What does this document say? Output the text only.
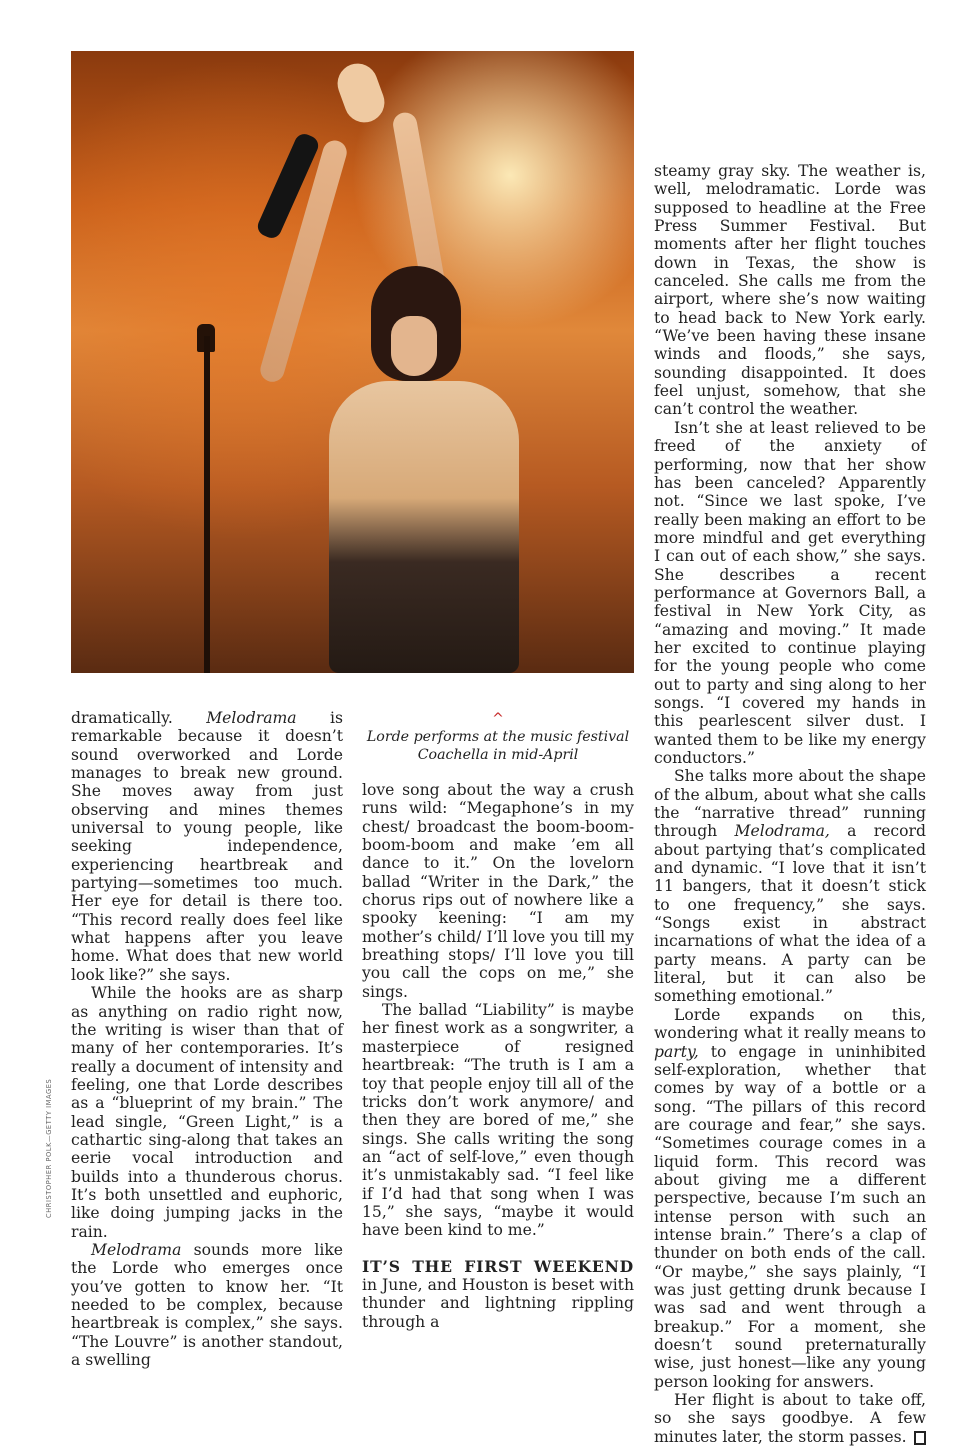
^
Lorde performs at the music festival Coachella in mid-April
CHRISTOPHER POLK—GETTY IMAGES

dramatically. Melodrama is remarkable because it doesn’t sound overworked and Lorde manages to break new ground. She moves away from just observing and mines themes universal to young people, like seeking independence, experiencing heartbreak and partying—sometimes too much. Her eye for detail is there too. “This record really does feel like what happens after you leave home. What does that new world look like?” she says.

While the hooks are as sharp as anything on radio right now, the writing is wiser than that of many of her contemporaries. It’s really a document of intensity and feeling, one that Lorde describes as a “blueprint of my brain.” The lead single, “Green Light,” is a cathartic sing-along that takes an eerie vocal introduction and builds into a thunderous chorus. It’s both unsettled and euphoric, like doing jumping jacks in the rain.

Melodrama sounds more like the Lorde who emerges once you’ve gotten to know her. “It needed to be complex, because heartbreak is complex,” she says. “The Louvre” is another standout, a swelling

love song about the way a crush runs wild: “Megaphone’s in my chest/ broadcast the boom-boom-boom-boom and make ’em all dance to it.” On the lovelorn ballad “Writer in the Dark,” the chorus rips out of nowhere like a spooky keening: “I am my mother’s child/ I’ll love you till my breathing stops/ I’ll love you till you call the cops on me,” she sings.

The ballad “Liability” is maybe her finest work as a songwriter, a masterpiece of resigned heartbreak: “The truth is I am a toy that people enjoy till all of the tricks don’t work anymore/ and then they are bored of me,” she sings. She calls writing the song an “act of self-love,” even though it’s unmistakably sad. “I feel like if I’d had that song when I was 15,” she says, “maybe it would have been kind to me.”

IT’S THE FIRST WEEKEND in June, and Houston is beset with thunder and lightning rippling through a

steamy gray sky. The weather is, well, melodramatic. Lorde was supposed to headline at the Free Press Summer Festival. But moments after her flight touches down in Texas, the show is canceled. She calls me from the airport, where she’s now waiting to head back to New York early. “We’ve been having these insane winds and floods,” she says, sounding disappointed. It does feel unjust, somehow, that she can’t control the weather.

Isn’t she at least relieved to be freed of the anxiety of performing, now that her show has been canceled? Apparently not. “Since we last spoke, I’ve really been making an effort to be more mindful and get everything I can out of each show,” she says. She describes a recent performance at Governors Ball, a festival in New York City, as “amazing and moving.” It made her excited to continue playing for the young people who come out to party and sing along to her songs. “I covered my hands in this pearlescent silver dust. I wanted them to be like my energy conductors.”

She talks more about the shape of the album, about what she calls the “narrative thread” running through Melodrama, a record about partying that’s complicated and dynamic. “I love that it isn’t 11 bangers, that it doesn’t stick to one frequency,” she says. “Songs exist in abstract incarnations of what the idea of a party means. A party can be literal, but it can also be something emotional.”

Lorde expands on this, wondering what it really means to party, to engage in uninhibited self-exploration, whether that comes by way of a bottle or a song. “The pillars of this record are courage and fear,” she says. “Sometimes courage comes in a liquid form. This record was about giving me a different perspective, because I’m such an intense person with such an intense brain.” There’s a clap of thunder on both ends of the call. “Or maybe,” she says plainly, “I was just getting drunk because I was sad and went through a breakup.” For a moment, she doesn’t sound preternaturally wise, just honest—like any young person looking for answers.

Her flight is about to take off, so she says goodbye. A few minutes later, the storm passes.
